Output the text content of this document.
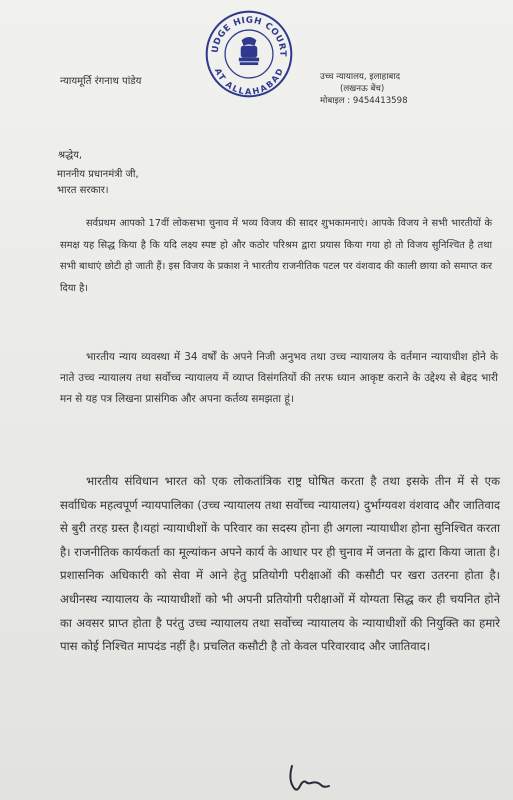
UDGE HIGH COURT
AT ALLAHABAD
न्यायमूर्ति रंगनाथ पांडेय	उच्च न्यायालय, इलाहाबाद
(लखनऊ बेंच)
मोबाइल : 9454413598
श्रद्धेय,
माननीय प्रधानमंत्री जी,
भारत सरकार।

सर्वप्रथम आपको 17वीं लोकसभा चुनाव में भव्य विजय की सादर शुभकामनाएं। आपके विजय ने सभी भारतीयों के समक्ष यह सिद्ध किया है कि यदि लक्ष्य स्पष्ट हो और कठोर परिश्रम द्वारा प्रयास किया गया हो तो विजय सुनिश्चित है तथा सभी बाधाएं छोटी हो जाती हैं। इस विजय के प्रकाश ने भारतीय राजनीतिक पटल पर वंशवाद की काली छाया को समाप्त कर दिया है।

भारतीय न्याय व्यवस्था में 34 वर्षों के अपने निजी अनुभव तथा उच्च न्यायालय के वर्तमान न्यायाधीश होने के नाते उच्च न्यायालय तथा सर्वोच्च न्यायालय में व्याप्त विसंगतियों की तरफ ध्यान आकृष्ट कराने के उद्देश्य से बेहद भारी मन से यह पत्र लिखना प्रासंगिक और अपना कर्तव्य समझता हूं।

भारतीय संविधान भारत को एक लोकतांत्रिक राष्ट्र घोषित करता है तथा इसके तीन में से एक सर्वाधिक महत्वपूर्ण न्यायपालिका (उच्च न्यायालय तथा सर्वोच्च न्यायालय) दुर्भाग्यवश वंशवाद और जातिवाद से बुरी तरह ग्रस्त है।यहां न्यायाधीशों के परिवार का सदस्य होना ही अगला न्यायाधीश होना सुनिश्चित करता है। राजनीतिक कार्यकर्ता का मूल्यांकन अपने कार्य के आधार पर ही चुनाव में जनता के द्वारा किया जाता है। प्रशासनिक अधिकारी को सेवा में आने हेतु प्रतियोगी परीक्षाओं की कसौटी पर खरा उतरना होता है। अधीनस्थ न्यायालय के न्यायाधीशों को भी अपनी प्रतियोगी परीक्षाओं में योग्यता सिद्ध कर ही चयनित होने का अवसर प्राप्त होता है परंतु उच्च न्यायालय तथा सर्वोच्च न्यायालय के न्यायाधीशों की नियुक्ति का हमारे पास कोई निश्चित मापदंड नहीं है। प्रचलित कसौटी है तो केवल परिवारवाद और जातिवाद।
